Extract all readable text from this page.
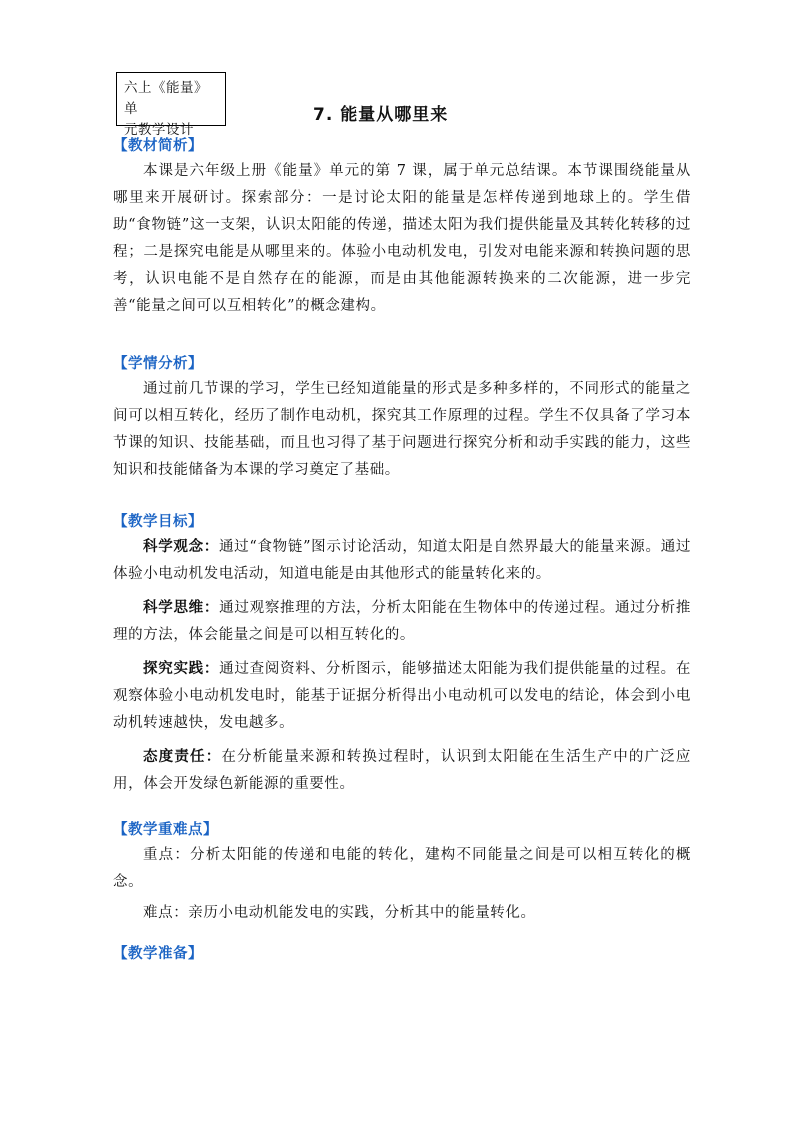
六上《能量》单
元教学设计
7. 能量从哪里来
【教材简析】

本课是六年级上册《能量》单元的第 7 课，属于单元总结课。本节课围绕能量从哪里来开展研讨。探索部分：一是讨论太阳的能量是怎样传递到地球上的。学生借助“食物链”这一支架，认识太阳能的传递，描述太阳为我们提供能量及其转化转移的过程；二是探究电能是从哪里来的。体验小电动机发电，引发对电能来源和转换问题的思考，认识电能不是自然存在的能源，而是由其他能源转换来的二次能源，进一步完善“能量之间可以互相转化”的概念建构。

【学情分析】

通过前几节课的学习，学生已经知道能量的形式是多种多样的，不同形式的能量之间可以相互转化，经历了制作电动机，探究其工作原理的过程。学生不仅具备了学习本节课的知识、技能基础，而且也习得了基于问题进行探究分析和动手实践的能力，这些知识和技能储备为本课的学习奠定了基础。

【教学目标】

科学观念：通过“食物链”图示讨论活动，知道太阳是自然界最大的能量来源。通过体验小电动机发电活动，知道电能是由其他形式的能量转化来的。

科学思维：通过观察推理的方法，分析太阳能在生物体中的传递过程。通过分析推理的方法，体会能量之间是可以相互转化的。

探究实践：通过查阅资料、分析图示，能够描述太阳能为我们提供能量的过程。在观察体验小电动机发电时，能基于证据分析得出小电动机可以发电的结论，体会到小电动机转速越快，发电越多。

态度责任：在分析能量来源和转换过程时，认识到太阳能在生活生产中的广泛应用，体会开发绿色新能源的重要性。

【教学重难点】

重点：分析太阳能的传递和电能的转化，建构不同能量之间是可以相互转化的概念。

难点：亲历小电动机能发电的实践，分析其中的能量转化。

【教学准备】
